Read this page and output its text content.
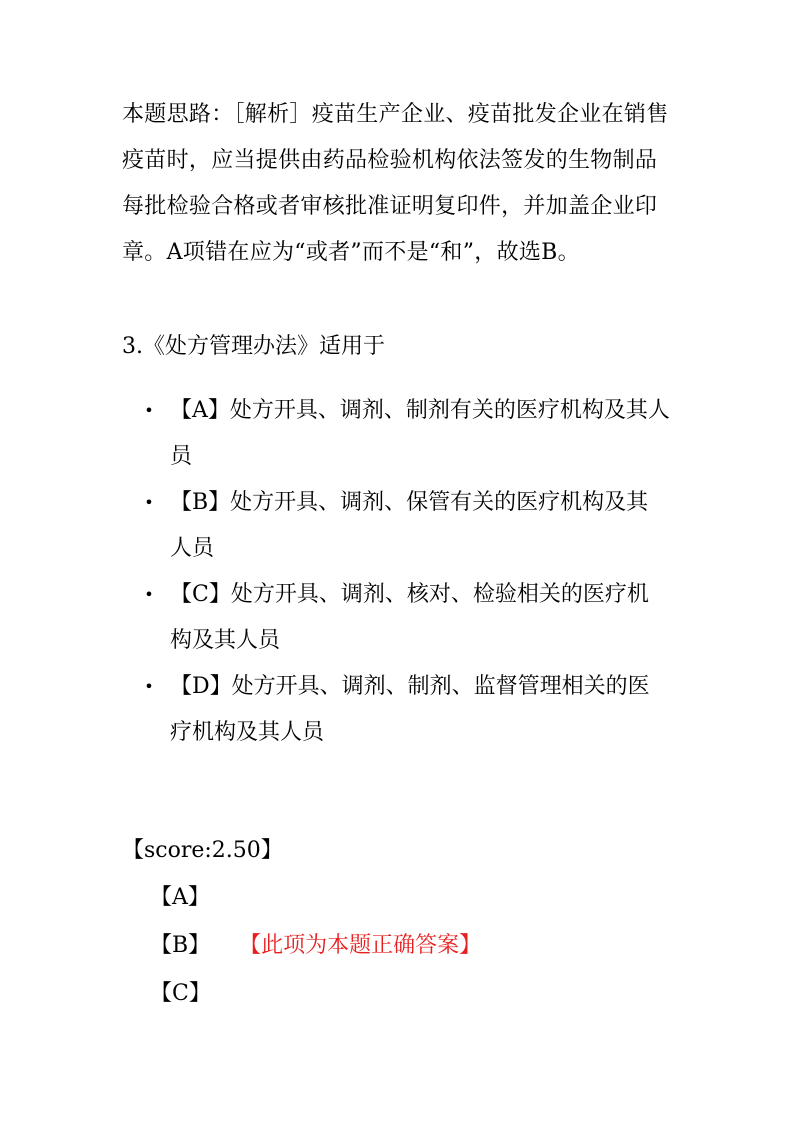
本题思路：［解析］疫苗生产企业、疫苗批发企业在销售疫苗时，应当提供由药品检验机构依法签发的生物制品每批检验合格或者审核批准证明复印件，并加盖企业印章。A项错在应为“或者”而不是“和”，故选B。

3.《处方管理办法》适用于

• 【A】处方开具、调剂、制剂有关的医疗机构及其人员
• 【B】处方开具、调剂、保管有关的医疗机构及其人员
• 【C】处方开具、调剂、核对、检验相关的医疗机构及其人员
• 【D】处方开具、调剂、制剂、监督管理相关的医疗机构及其人员

【score:2.50】

【A】
【B】 【此项为本题正确答案】
【C】
